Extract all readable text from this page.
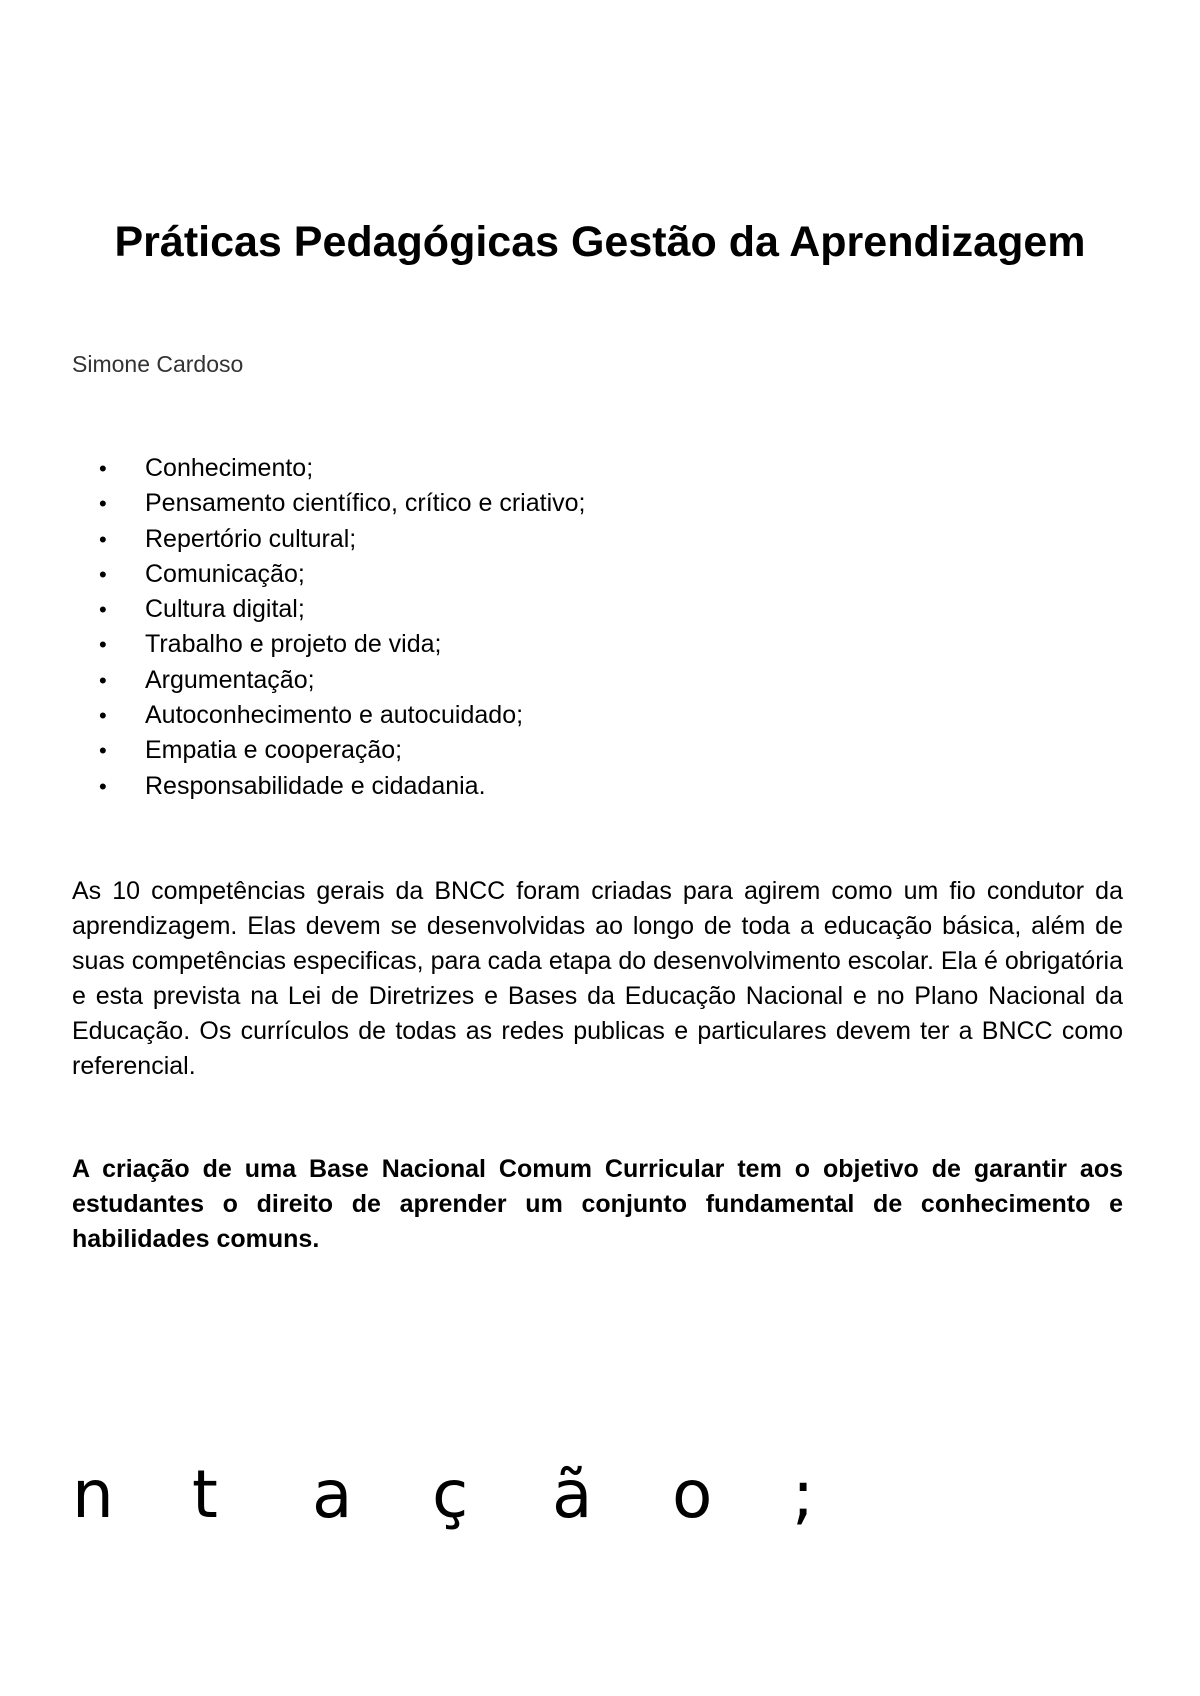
Práticas Pedagógicas Gestão da Aprendizagem
Simone Cardoso
• Conhecimento;
• Pensamento científico, crítico e criativo;
• Repertório cultural;
• Comunicação;
• Cultura digital;
• Trabalho e projeto de vida;
• Argumentação;
• Autoconhecimento e autocuidado;
• Empatia e cooperação;
• Responsabilidade e cidadania.

As 10 competências gerais da BNCC foram criadas para agirem como um fio condutor da aprendizagem. Elas devem se desenvolvidas ao longo de toda a educação básica, além de suas competências especificas, para cada etapa do desenvolvimento escolar. Ela é obrigatória e esta prevista na Lei de Diretrizes e Bases da Educação Nacional e no Plano Nacional da Educação. Os currículos de todas as redes publicas e particulares devem ter a BNCC como referencial.

A criação de uma Base Nacional Comum Curricular tem o objetivo de garantir aos estudantes o direito de aprender um conjunto fundamental de conhecimento e habilidades comuns.

n t a ç ã o ;
